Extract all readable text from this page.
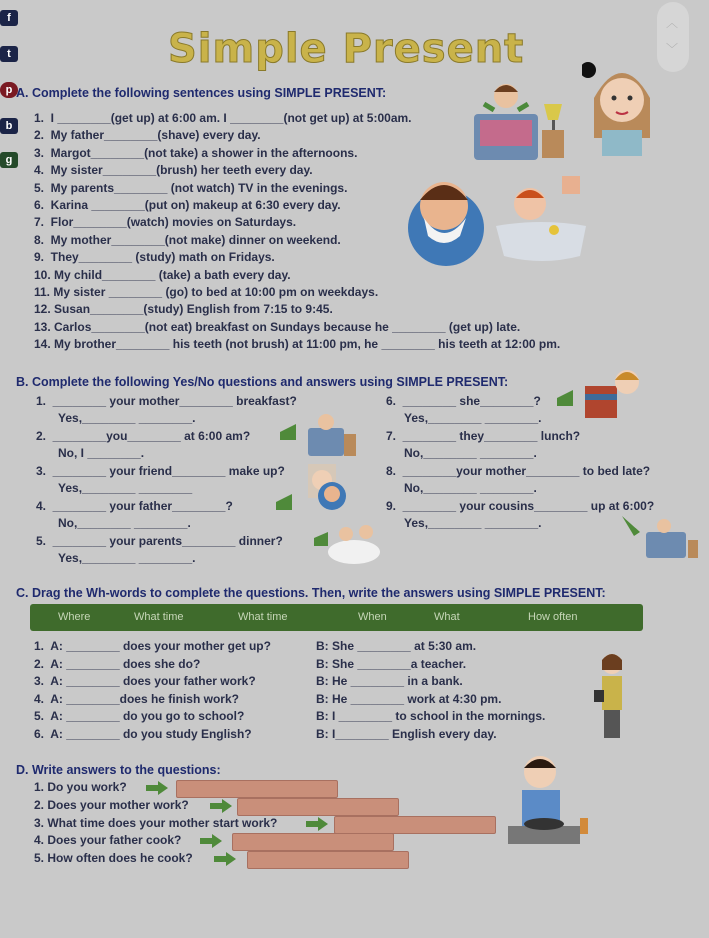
f
t
p
b
g
︿
﹀
Simple Present
A. Complete the following sentences using SIMPLE PRESENT:
1.  I ________(get up) at 6:00 am. I ________(not get up) at 5:00am.
2.  My father________(shave) every day.
3.  Margot________(not take) a shower in the afternoons.
4.  My sister________(brush) her teeth every day.
5.  My parents________ (not watch) TV in the evenings.
6.  Karina ________(put on) makeup at 6:30 every day.
7.  Flor________(watch) movies on Saturdays.
8.  My mother________(not make) dinner on weekend.
9.  They________ (study) math on Fridays.
10. My child________ (take) a bath every day.
11. My sister ________ (go) to bed at 10:00 pm on weekdays.
12. Susan________(study) English from 7:15 to 9:45.
13. Carlos________(not eat) breakfast on Sundays because he ________ (get up) late.
14. My brother________ his teeth (not brush) at 11:00 pm, he ________ his teeth at 12:00 pm.
B. Complete the following Yes/No questions and answers using SIMPLE PRESENT:
1.  ________ your mother________ breakfast?
Yes,________ ________.
2.  ________you________ at 6:00 am?
No, I ________.
3.  ________ your friend________ make up?
Yes,________ ________
4.  ________ your father________?
No,________ ________.
5.  ________ your parents________ dinner?
Yes,________ ________.
6.  ________ she________?
Yes,________ ________.
7.  ________ they________ lunch?
No,________ ________.
8.  ________your mother________ to bed late?
No,________ ________.
9.  ________ your cousins________ up at 6:00?
Yes,________ ________.
C. Drag the Wh-words to complete the questions. Then, write the answers using SIMPLE PRESENT:
Where	What time	What time	When	What	How often
1.  A: ________ does your mother get up?	B: She ________ at 5:30 am.
2.  A: ________ does she do?	B: She ________a teacher.
3.  A: ________ does your father work?	B: He ________ in a bank.
4.  A: ________does he finish work?	B: He ________ work at 4:30 pm.
5.  A: ________ do you go to school?	B: I ________ to school in the mornings.
6.  A: ________ do you study English?	B: I________ English every day.
D. Write answers to the questions:
1. Do you work?
2. Does your mother work?
3. What time does your mother start work?
4. Does your father cook?
5. How often does he cook?
